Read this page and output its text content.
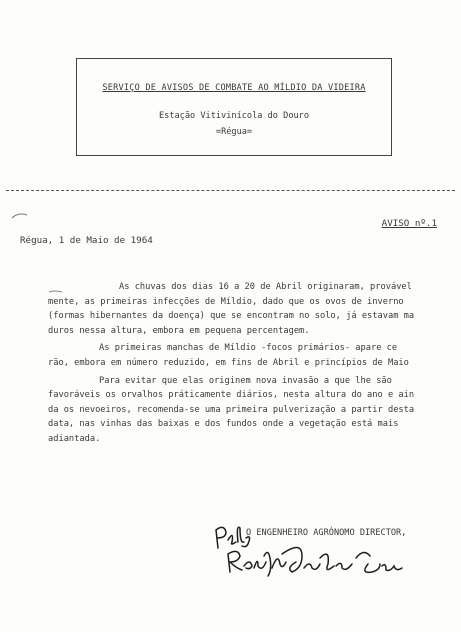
SERVIÇO DE AVISOS DE COMBATE AO MÍLDIO DA VIDEIRA
Estação Vitivinícola do Douro
=Régua=
AVISO nº.1
Régua, 1 de Maio de 1964

As chuvas dos dias 16 a 20 de Abril originaram, provável
mente, as primeiras infecções de Míldio, dado que os ovos de inverno
(formas hibernantes da doença) que se encontram no solo, já estavam ma
duros nessa altura, embora em pequena percentagem.

As primeiras manchas de Míldio -focos primários- apare ce
rão, embora em número reduzido, em fins de Abril e princípios de Maio

Para evitar que elas originem nova invasão a que lhe são
favoráveis os orvalhos práticamente diários, nesta altura do ano e ain
da os nevoeiros, recomenda-se uma primeira pulverização a partir desta
data, nas vinhas das baixas e dos fundos onde a vegetação está mais
adiantada.

O ENGENHEIRO AGRÓNOMO DIRECTOR,
